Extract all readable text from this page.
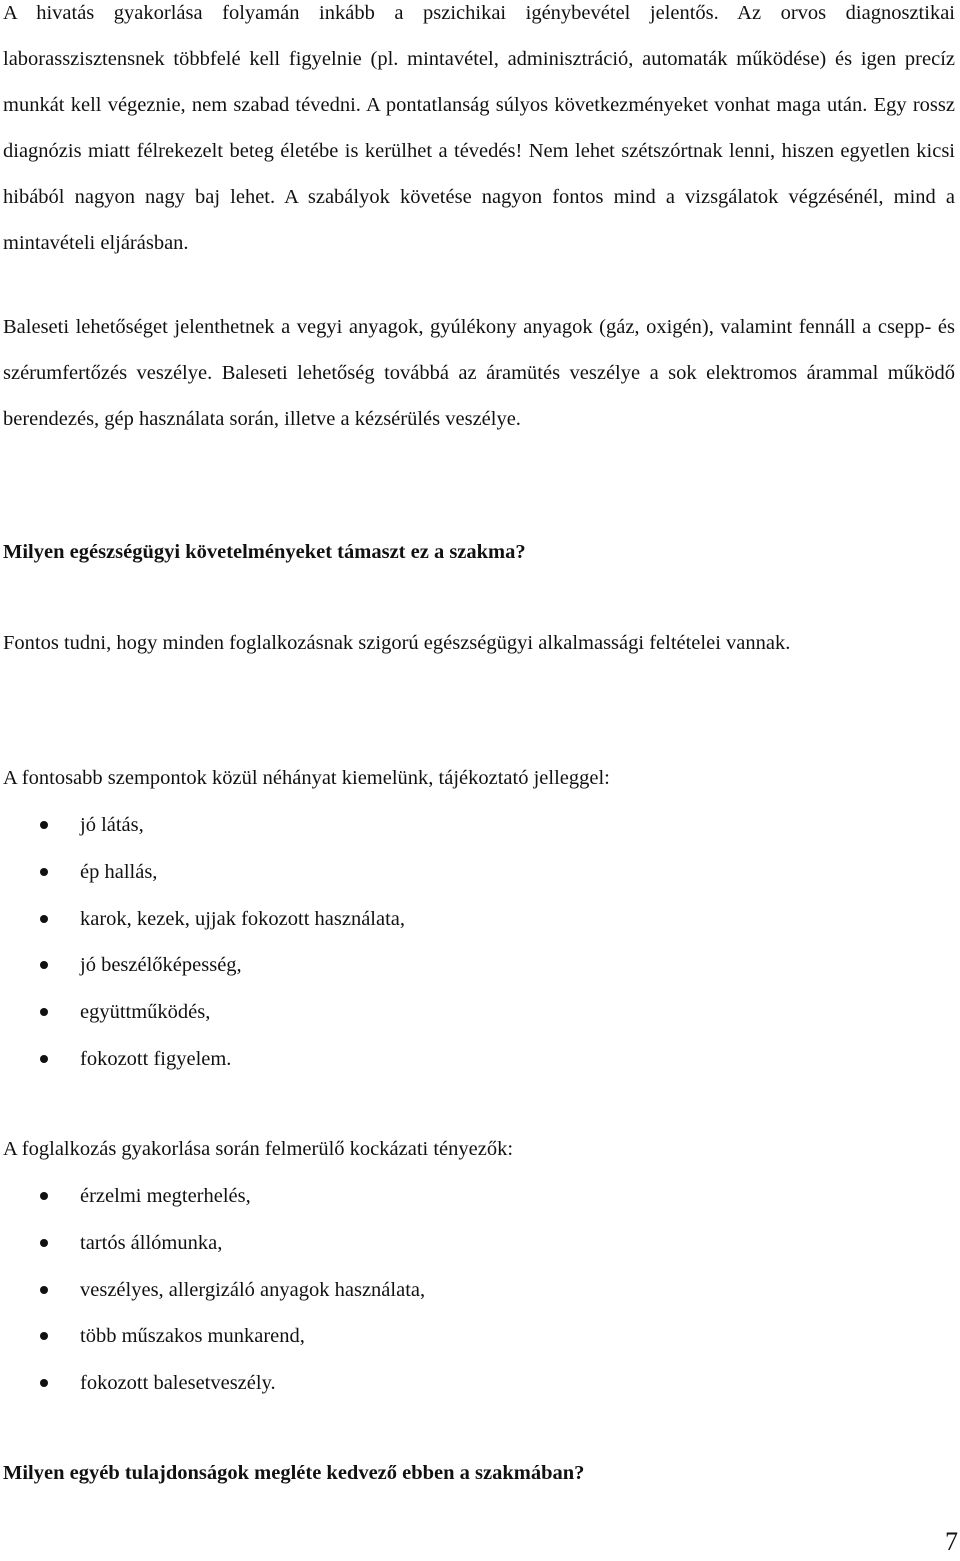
A hivatás gyakorlása folyamán inkább a pszichikai igénybevétel jelentős. Az orvos diagnosztikai laborasszisztensnek többfelé kell figyelnie (pl. mintavétel, adminisztráció, automaták működése) és igen precíz munkát kell végeznie, nem szabad tévedni. A pontatlanság súlyos következményeket vonhat maga után. Egy rossz diagnózis miatt félrekezelt beteg életébe is kerülhet a tévedés! Nem lehet szétszórtnak lenni, hiszen egyetlen kicsi hibából nagyon nagy baj lehet. A szabályok követése nagyon fontos mind a vizsgálatok végzésénél, mind a mintavételi eljárásban.

Baleseti lehetőséget jelenthetnek a vegyi anyagok, gyúlékony anyagok (gáz, oxigén), valamint fennáll a csepp- és szérumfertőzés veszélye. Baleseti lehetőség továbbá az áramütés veszélye a sok elektromos árammal működő berendezés, gép használata során, illetve a kézsérülés veszélye.

Milyen egészségügyi követelményeket támaszt ez a szakma?

Fontos tudni, hogy minden foglalkozásnak szigorú egészségügyi alkalmassági feltételei vannak.

A fontosabb szempontok közül néhányat kiemelünk, tájékoztató jelleggel:

jó látás,
ép hallás,
karok, kezek, ujjak fokozott használata,
jó beszélőképesség,
együttműködés,
fokozott figyelem.

A foglalkozás gyakorlása során felmerülő kockázati tényezők:

érzelmi megterhelés,
tartós állómunka,
veszélyes, allergizáló anyagok használata,
több műszakos munkarend,
fokozott balesetveszély.
Milyen egyéb tulajdonságok megléte kedvező ebben a szakmában?
7
